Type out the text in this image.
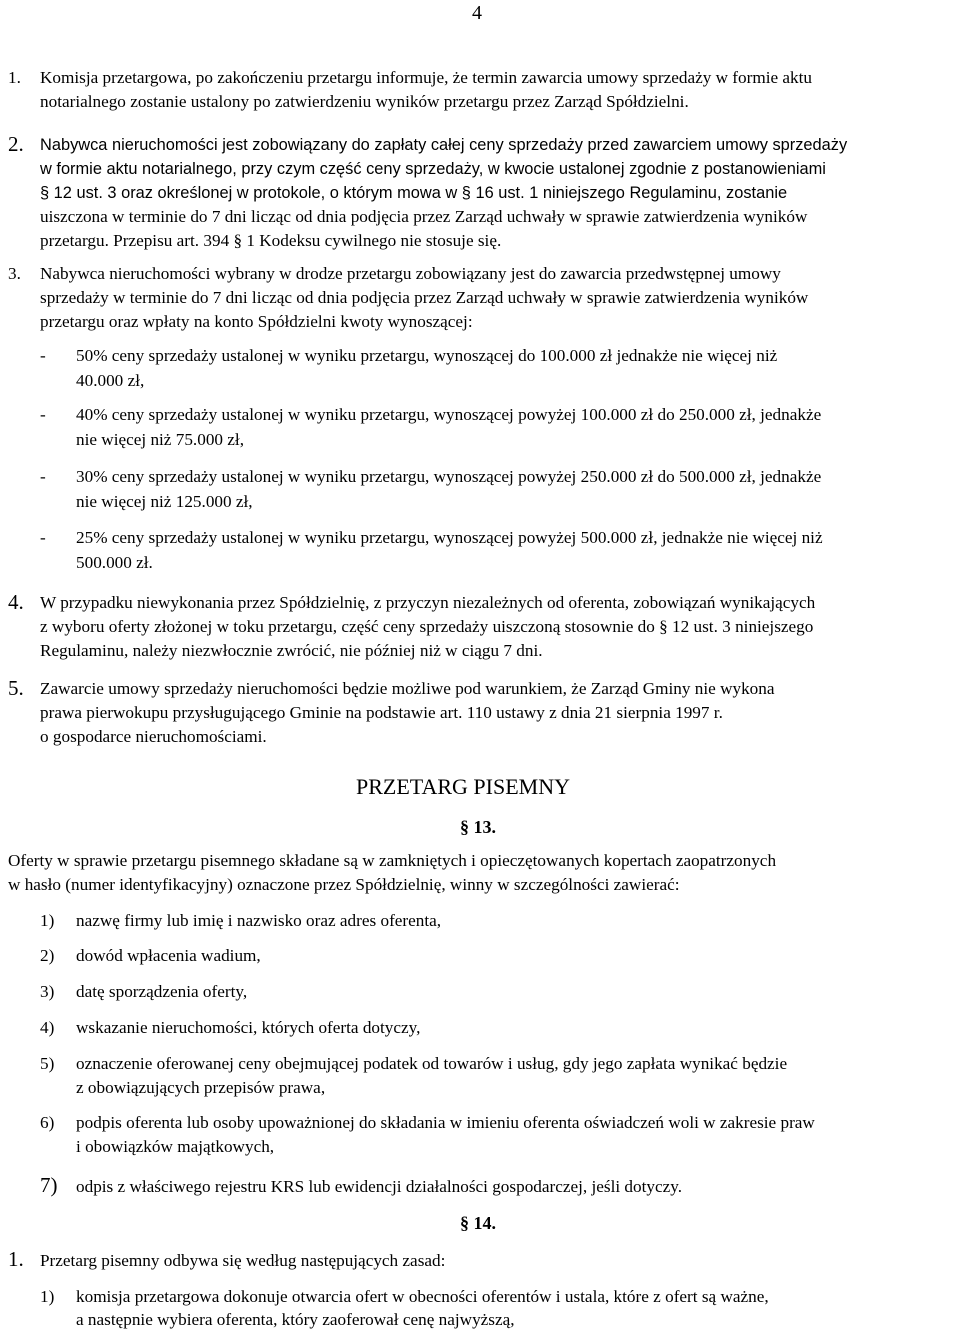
4
1. Komisja przetargowa, po zakończeniu przetargu informuje, że termin zawarcia umowy sprzedaży w formie aktu
notarialnego zostanie ustalony po zatwierdzeniu wyników przetargu przez Zarząd Spółdzielni.
2. Nabywca nieruchomości jest zobowiązany do zapłaty całej ceny sprzedaży przed zawarciem umowy sprzedaży
w formie aktu notarialnego, przy czym część ceny sprzedaży, w kwocie ustalonej zgodnie z postanowieniami
§ 12 ust. 3 oraz określonej w protokole, o którym mowa w § 16 ust. 1 niniejszego Regulaminu, zostanie
uiszczona w terminie do 7 dni licząc od dnia podjęcia przez Zarząd uchwały w sprawie zatwierdzenia wyników
przetargu. Przepisu art. 394 § 1 Kodeksu cywilnego nie stosuje się.
3. Nabywca nieruchomości wybrany w drodze przetargu zobowiązany jest do zawarcia przedwstępnej umowy
sprzedaży w terminie do 7 dni licząc od dnia podjęcia przez Zarząd uchwały w sprawie zatwierdzenia wyników
przetargu oraz wpłaty na konto Spółdzielni kwoty wynoszącej:
- 50% ceny sprzedaży ustalonej w wyniku przetargu, wynoszącej do 100.000 zł jednakże nie więcej niż
40.000 zł,
- 40% ceny sprzedaży ustalonej w wyniku przetargu, wynoszącej powyżej 100.000 zł do 250.000 zł, jednakże
nie więcej niż 75.000 zł,
- 30% ceny sprzedaży ustalonej w wyniku przetargu, wynoszącej powyżej 250.000 zł do 500.000 zł, jednakże
nie więcej niż 125.000 zł,
- 25% ceny sprzedaży ustalonej w wyniku przetargu, wynoszącej powyżej 500.000 zł, jednakże nie więcej niż
500.000 zł.
4. W przypadku niewykonania przez Spółdzielnię, z przyczyn niezależnych od oferenta, zobowiązań wynikających
z wyboru oferty złożonej w toku przetargu, część ceny sprzedaży uiszczoną stosownie do § 12 ust. 3 niniejszego
Regulaminu, należy niezwłocznie zwrócić, nie później niż w ciągu 7 dni.
5. Zawarcie umowy sprzedaży nieruchomości będzie możliwe pod warunkiem, że Zarząd Gminy nie wykona
prawa pierwokupu przysługującego Gminie na podstawie art. 110 ustawy z dnia 21 sierpnia 1997 r.
o gospodarce nieruchomościami.
PRZETARG PISEMNY
§ 13.
Oferty w sprawie przetargu pisemnego składane są w zamkniętych i opieczętowanych kopertach zaopatrzonych
w hasło (numer identyfikacyjny) oznaczone przez Spółdzielnię, winny w szczególności zawierać:
1) nazwę firmy lub imię i nazwisko oraz adres oferenta,
2) dowód wpłacenia wadium,
3) datę sporządzenia oferty,
4) wskazanie nieruchomości, których oferta dotyczy,
5) oznaczenie oferowanej ceny obejmującej podatek od towarów i usług, gdy jego zapłata wynikać będzie
z obowiązujących przepisów prawa,
6) podpis oferenta lub osoby upoważnionej do składania w imieniu oferenta oświadczeń woli w zakresie praw
i obowiązków majątkowych,
7) odpis z właściwego rejestru KRS lub ewidencji działalności gospodarczej, jeśli dotyczy.
§ 14.
1. Przetarg pisemny odbywa się według następujących zasad:
1) komisja przetargowa dokonuje otwarcia ofert w obecności oferentów i ustala, które z ofert są ważne,
a następnie wybiera oferenta, który zaoferował cenę najwyższą,
